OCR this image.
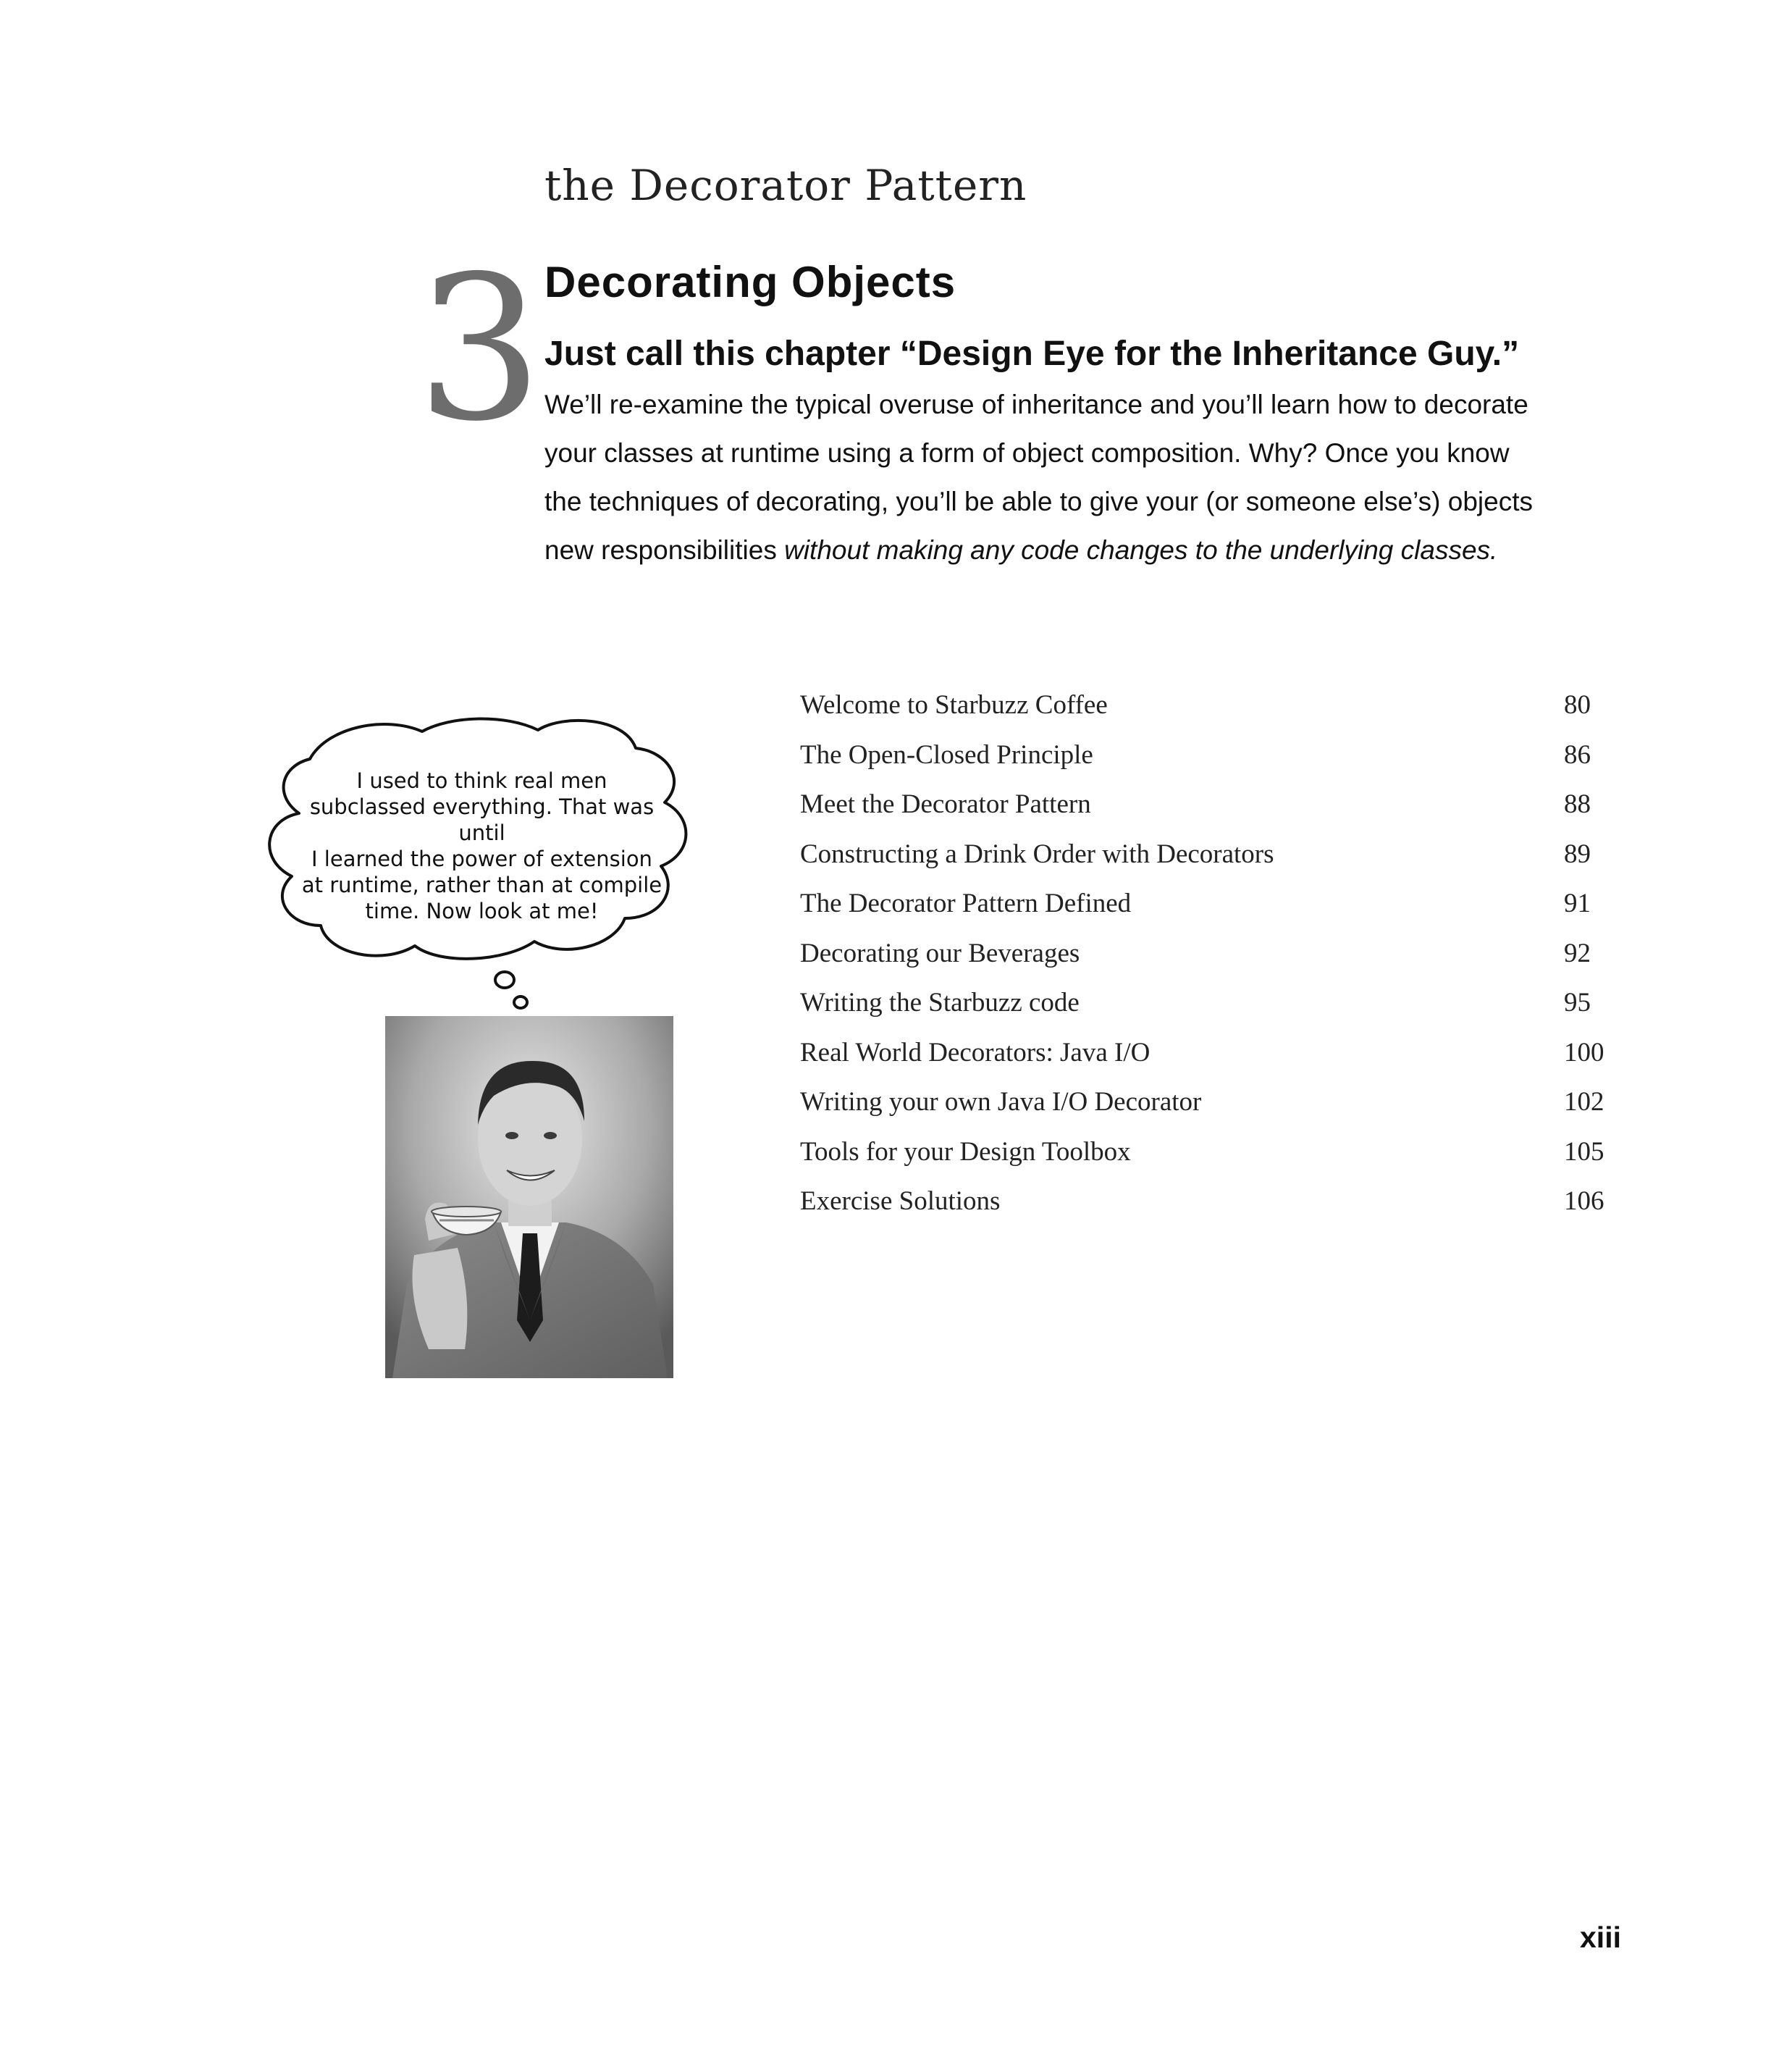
the Decorator Pattern
3 Decorating Objects

Just call this chapter “Design Eye for the Inheritance Guy.” We’ll re-examine the typical overuse of inheritance and you’ll learn how to decorate your classes at runtime using a form of object composition. Why? Once you know the techniques of decorating, you’ll be able to give your (or someone else’s) objects new responsibilities without making any code changes to the underlying classes.

I used to think real men
subclassed everything. That was until
I learned the power of extension
at runtime, rather than at compile
time. Now look at me!
Welcome to Starbuzz Coffee	80
The Open-Closed Principle	86
Meet the Decorator Pattern	88
Constructing a Drink Order with Decorators	89
The Decorator Pattern Defined	91
Decorating our Beverages	92
Writing the Starbuzz code	95
Real World Decorators: Java I/O	100
Writing your own Java I/O Decorator	102
Tools for your Design Toolbox	105
Exercise Solutions	106
xiii
